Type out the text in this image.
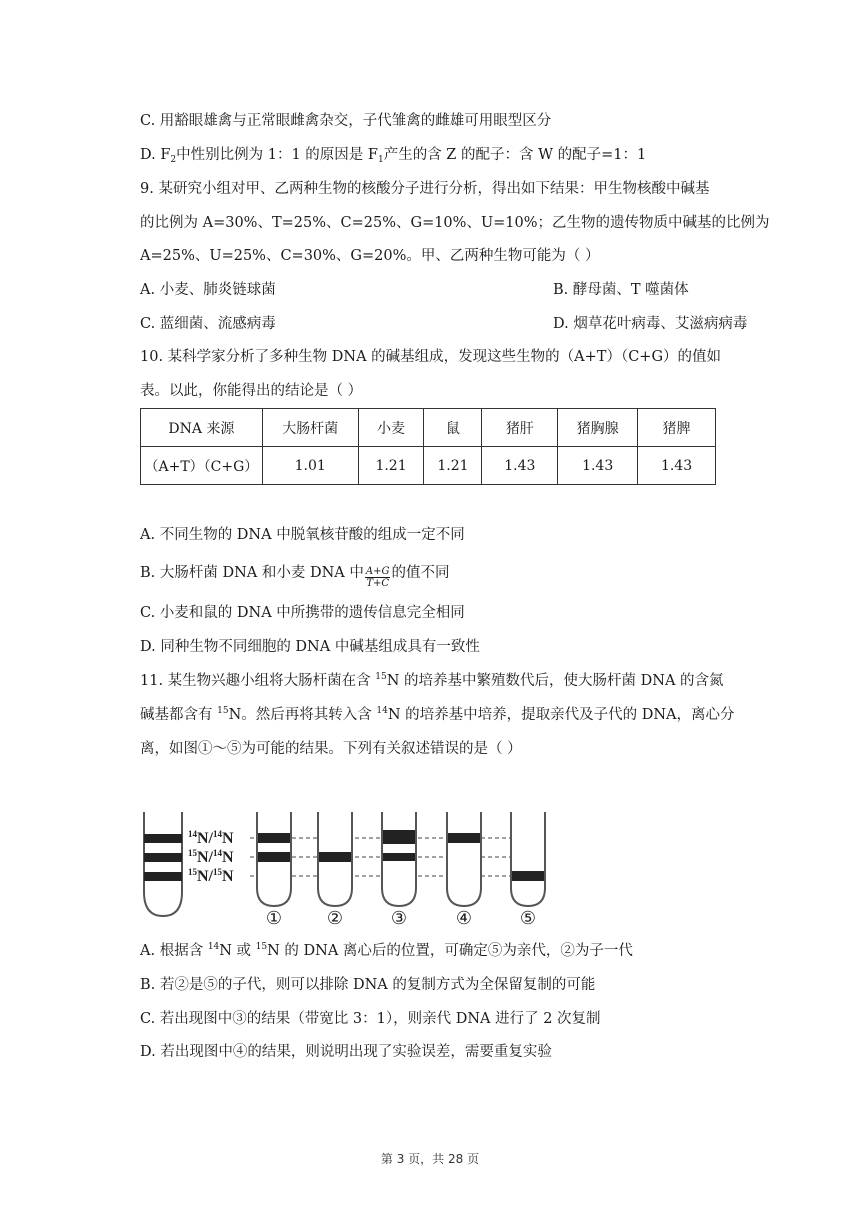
C. 用豁眼雄禽与正常眼雌禽杂交，子代雏禽的雌雄可用眼型区分
D. $F_2$中性别比例为 1：1 的原因是 $F_1$产生的含 Z 的配子：含 W 的配子=1：1
9. 某研究小组对甲、乙两种生物的核酸分子进行分析，得出如下结果：甲生物核酸中碱基
的比例为 A=30%、T=25%、C=25%、G=10%、U=10%；乙生物的遗传物质中碱基的比例为
A=25%、U=25%、C=30%、G=20%。甲、乙两种生物可能为（ ）
A. 小麦、肺炎链球菌	B. 酵母菌、T 噬菌体
C. 蓝细菌、流感病毒	D. 烟草花叶病毒、艾滋病病毒
10. 某科学家分析了多种生物 DNA 的碱基组成，发现这些生物的（A+T）（C+G）的值如
表。以此，你能得出的结论是（ ）
DNA 来源	大肠杆菌	小麦	鼠	猪肝	猪胸腺	猪脾
（A+T）（C+G）	1.01	1.21	1.21	1.43	1.43	1.43
A. 不同生物的 DNA 中脱氧核苷酸的组成一定不同
B. 大肠杆菌 DNA 和小麦 DNA 中 $\frac{A+G}{T+C}$ 的值不同
C. 小麦和鼠的 DNA 中所携带的遗传信息完全相同
D. 同种生物不同细胞的 DNA 中碱基组成具有一致性
11. 某生物兴趣小组将大肠杆菌在含 $^{15}$N 的培养基中繁殖数代后，使大肠杆菌 DNA 的含氮
碱基都含有 $^{15}$N。然后再将其转入含 $^{14}$N 的培养基中培养，提取亲代及子代的 DNA，离心分
离，如图①～⑤为可能的结果。下列有关叙述错误的是（ ）
$^{14}$N/$^{14}$N
$^{15}$N/$^{14}$N
$^{15}$N/$^{15}$N
① ②	③	④	⑤
A. 根据含 $^{14}$N 或 $^{15}$N 的 DNA 离心后的位置，可确定⑤为亲代，②为子一代
B. 若②是⑤的子代，则可以排除 DNA 的复制方式为全保留复制的可能
C. 若出现图中③的结果（带宽比 3：1），则亲代 DNA 进行了 2 次复制
D. 若出现图中④的结果，则说明出现了实验误差，需要重复实验
第 3 页，共 28 页
